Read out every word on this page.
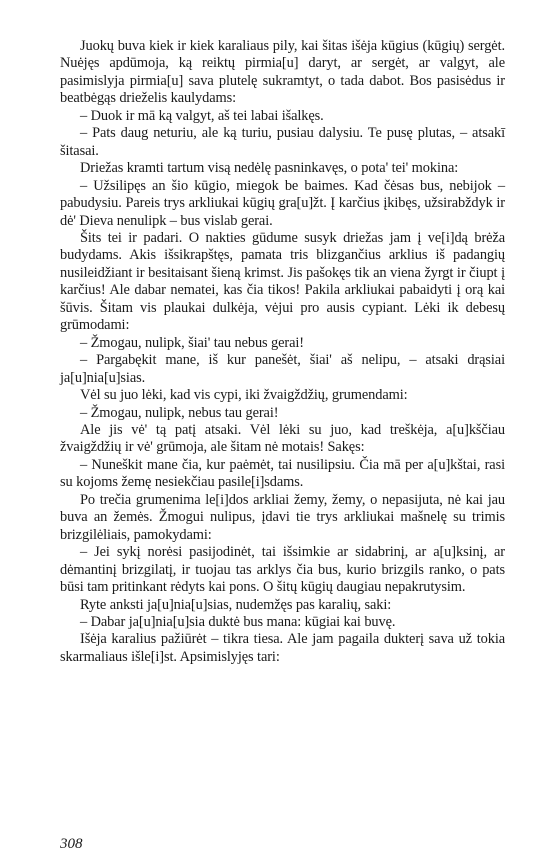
Juokų buva kiek ir kiek karaliaus pily, kai šitas išėja kūgius (kūgių) sergėt. Nuėjęs apdūmoja, ką reiktų pirmia[u] daryt, ar sergėt, ar valgyt, ale pasimislyja pirmia[u] sava plutelę sukramtyt, o tada dabot. Bos pasisėdus ir beatbėgąs drieželis kaulydams:

– Duok ir mā ką valgyt, aš tei labai išalkęs.

– Pats daug neturiu, ale ką turiu, pusiau dalysiu. Te pusę plutas, – atsakī šitasai.

Driežas kramti tartum visą nedėlę pasninkavęs, o pota' tei' mokina:

– Užsilipęs an šio kūgio, miegok be baimes. Kad čėsas bus, nebijok – pabudysiu. Pareis trys arkliukai kūgių gra[u]žt. Į karčius įkibęs, užsirabždyk ir dė' Dieva nenulipk – bus vislab gerai.

Šits tei ir padari. O nakties gūdume susyk driežas jam į ve[i]dą brėža budydams. Akis išsikrapštęs, pamata tris blizgančius arklius iš padangių nusileidžiant ir besitaisant šieną krimst. Jis pašokęs tik an viena žyrgt ir čiupt į karčius! Ale dabar nematei, kas čia tikos! Pakila arkliukai pabaidyti į orą kai šūvis. Šitam vis plaukai dulkėja, vėjui pro ausis cypiant. Lėki ik debesų grūmodami:

– Žmogau, nulipk, šiai' tau nebus gerai!

– Pargabękit mane, iš kur panešėt, šiai' aš nelipu, – atsaki drąsiai ja[u]nia[u]sias.

Vėl su juo lėki, kad vis cypi, iki žvaigždžių, grumendami:

– Žmogau, nulipk, nebus tau gerai!

Ale jis vė' tą patį atsaki. Vėl lėki su juo, kad treškėja, a[u]kščiau žvaigždžių ir vė' grūmoja, ale šitam nė motais! Sakęs:

– Nuneškit mane čia, kur paėmėt, tai nusilipsiu. Čia mā per a[u]kštai, rasi su kojoms žemę nesiekčiau pasile[i]sdams.

Po trečia grumenima le[i]dos arkliai žemy, žemy, o nepasijuta, nė kai jau buva an žemės. Žmogui nulipus, įdavi tie trys arkliukai mašnelę su trimis brizgilėliais, pamokydami:

– Jei sykį norėsi pasijodinėt, tai išsimkie ar sidabrinį, ar a[u]ksinį, ar dėmantinį brizgilatį, ir tuojau tas arklys čia bus, kurio brizgils ranko, o pats būsi tam pritinkant rėdyts kai pons. O šitų kūgių daugiau nepakrutysim.

Ryte anksti ja[u]nia[u]sias, nudemžęs pas karalių, saki:

– Dabar ja[u]nia[u]sia duktė bus mana: kūgiai kai buvę.

Išėja karalius pažiūrėt – tikra tiesa. Ale jam pagaila dukterį sava už tokia skarmaliaus išle[i]st. Apsimislyjęs tari:

308
